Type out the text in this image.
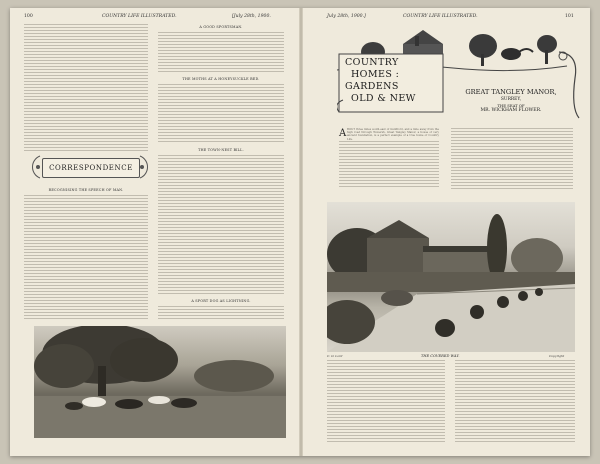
100	COUNTRY LIFE ILLUSTRATED.	[July 28th, 1900.
A GOOD SPORTSMAN.
THE MOTHS AT A HONEYSUCKLE BED.
THE TOWN-NEST BILL.
A SPORT DOG AS LIGHTNING.
CORRESPONDENCE
RECOGNISING THE SPEECH OF MAN.
July 28th, 1900.]	COUNTRY LIFE ILLUSTRATED.	101
COUNTRY
HOMES :
GARDENS
OLD & NEW
GREAT TANGLEY MANOR,
SURREY,
THE SEAT OF
MR. WICKHAM FLOWER.
A BOUT three miles south-east of Guildford, and a mile away from the high road through Wonersh, Great Tangley Manor, a house of very ancient foundation, is a perfect example of a true home of Country Life.
C. O. Lord	THE COVERED WAY.	Copyright
